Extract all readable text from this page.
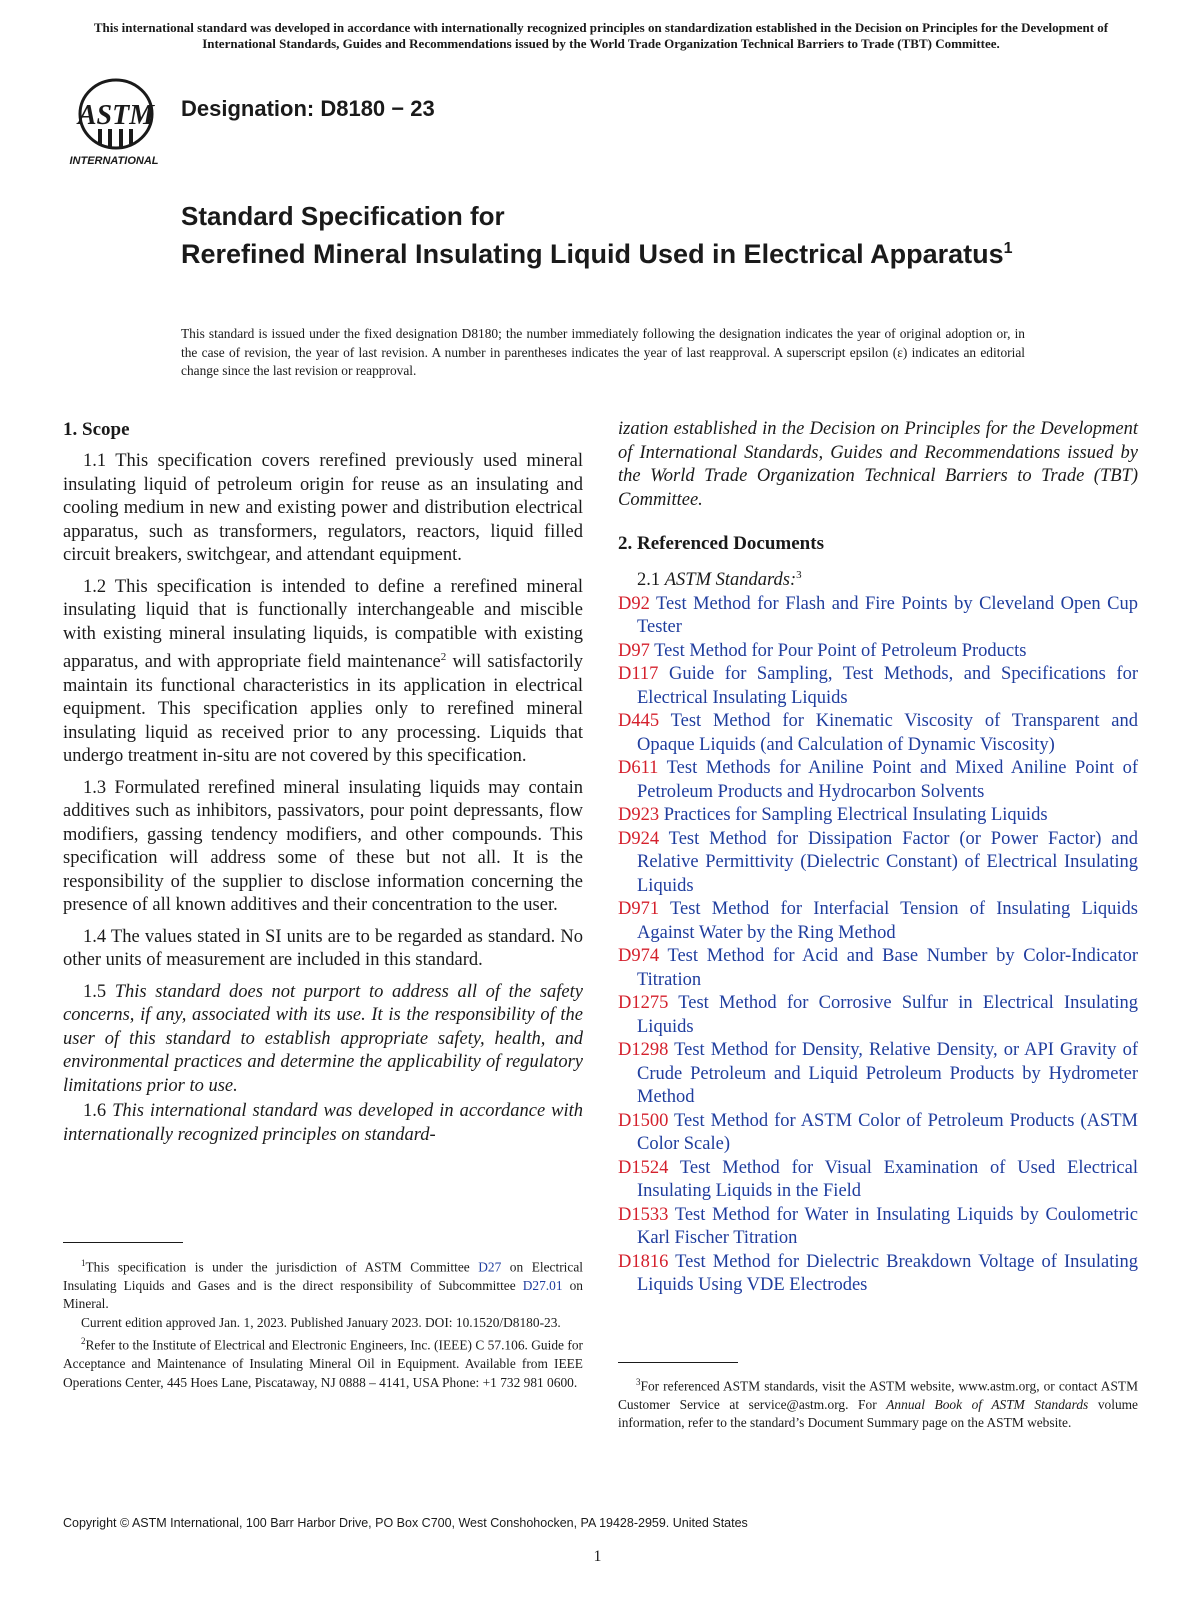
This international standard was developed in accordance with internationally recognized principles on standardization established in the Decision on Principles for the Development of International Standards, Guides and Recommendations issued by the World Trade Organization Technical Barriers to Trade (TBT) Committee.
ASTM
INTERNATIONAL
Designation: D8180 − 23
Standard Specification for
Rerefined Mineral Insulating Liquid Used in Electrical Apparatus$^1$
This standard is issued under the fixed designation D8180; the number immediately following the designation indicates the year of original adoption or, in the case of revision, the year of last revision. A number in parentheses indicates the year of last reapproval. A superscript epsilon (ε) indicates an editorial change since the last revision or reapproval.
1. Scope

1.1 This specification covers rerefined previously used mineral insulating liquid of petroleum origin for reuse as an insulating and cooling medium in new and existing power and distribution electrical apparatus, such as transformers, regulators, reactors, liquid filled circuit breakers, switchgear, and attendant equipment.

1.2 This specification is intended to define a rerefined mineral insulating liquid that is functionally interchangeable and miscible with existing mineral insulating liquids, is compatible with existing apparatus, and with appropriate field maintenance$^2$ will satisfactorily maintain its functional characteristics in its application in electrical equipment. This specification applies only to rerefined mineral insulating liquid as received prior to any processing. Liquids that undergo treatment in-situ are not covered by this specification.

1.3 Formulated rerefined mineral insulating liquids may contain additives such as inhibitors, passivators, pour point depressants, flow modifiers, gassing tendency modifiers, and other compounds. This specification will address some of these but not all. It is the responsibility of the supplier to disclose information concerning the presence of all known additives and their concentration to the user.

1.4 The values stated in SI units are to be regarded as standard. No other units of measurement are included in this standard.

1.5 This standard does not purport to address all of the safety concerns, if any, associated with its use. It is the responsibility of the user of this standard to establish appropriate safety, health, and environmental practices and determine the applicability of regulatory limitations prior to use.

1.6 This international standard was developed in accordance with internationally recognized principles on standard-

$^1$This specification is under the jurisdiction of ASTM Committee D27 on Electrical Insulating Liquids and Gases and is the direct responsibility of Subcommittee D27.01 on Mineral.

Current edition approved Jan. 1, 2023. Published January 2023. DOI: 10.1520/D8180-23.

$^2$Refer to the Institute of Electrical and Electronic Engineers, Inc. (IEEE) C 57.106. Guide for Acceptance and Maintenance of Insulating Mineral Oil in Equipment. Available from IEEE Operations Center, 445 Hoes Lane, Piscataway, NJ 0888 – 4141, USA Phone: +1 732 981 0600.

ization established in the Decision on Principles for the Development of International Standards, Guides and Recommendations issued by the World Trade Organization Technical Barriers to Trade (TBT) Committee.
2. Referenced Documents
2.1 ASTM Standards:$^3$
D92 Test Method for Flash and Fire Points by Cleveland Open Cup Tester
D97 Test Method for Pour Point of Petroleum Products
D117 Guide for Sampling, Test Methods, and Specifications for Electrical Insulating Liquids
D445 Test Method for Kinematic Viscosity of Transparent and Opaque Liquids (and Calculation of Dynamic Viscosity)
D611 Test Methods for Aniline Point and Mixed Aniline Point of Petroleum Products and Hydrocarbon Solvents
D923 Practices for Sampling Electrical Insulating Liquids
D924 Test Method for Dissipation Factor (or Power Factor) and Relative Permittivity (Dielectric Constant) of Electrical Insulating Liquids
D971 Test Method for Interfacial Tension of Insulating Liquids Against Water by the Ring Method
D974 Test Method for Acid and Base Number by Color-Indicator Titration
D1275 Test Method for Corrosive Sulfur in Electrical Insulating Liquids
D1298 Test Method for Density, Relative Density, or API Gravity of Crude Petroleum and Liquid Petroleum Products by Hydrometer Method
D1500 Test Method for ASTM Color of Petroleum Products (ASTM Color Scale)
D1524 Test Method for Visual Examination of Used Electrical Insulating Liquids in the Field
D1533 Test Method for Water in Insulating Liquids by Coulometric Karl Fischer Titration
D1816 Test Method for Dielectric Breakdown Voltage of Insulating Liquids Using VDE Electrodes

$^3$For referenced ASTM standards, visit the ASTM website, www.astm.org, or contact ASTM Customer Service at service@astm.org. For Annual Book of ASTM Standards volume information, refer to the standard’s Document Summary page on the ASTM website.

Copyright © ASTM International, 100 Barr Harbor Drive, PO Box C700, West Conshohocken, PA 19428-2959. United States
1
